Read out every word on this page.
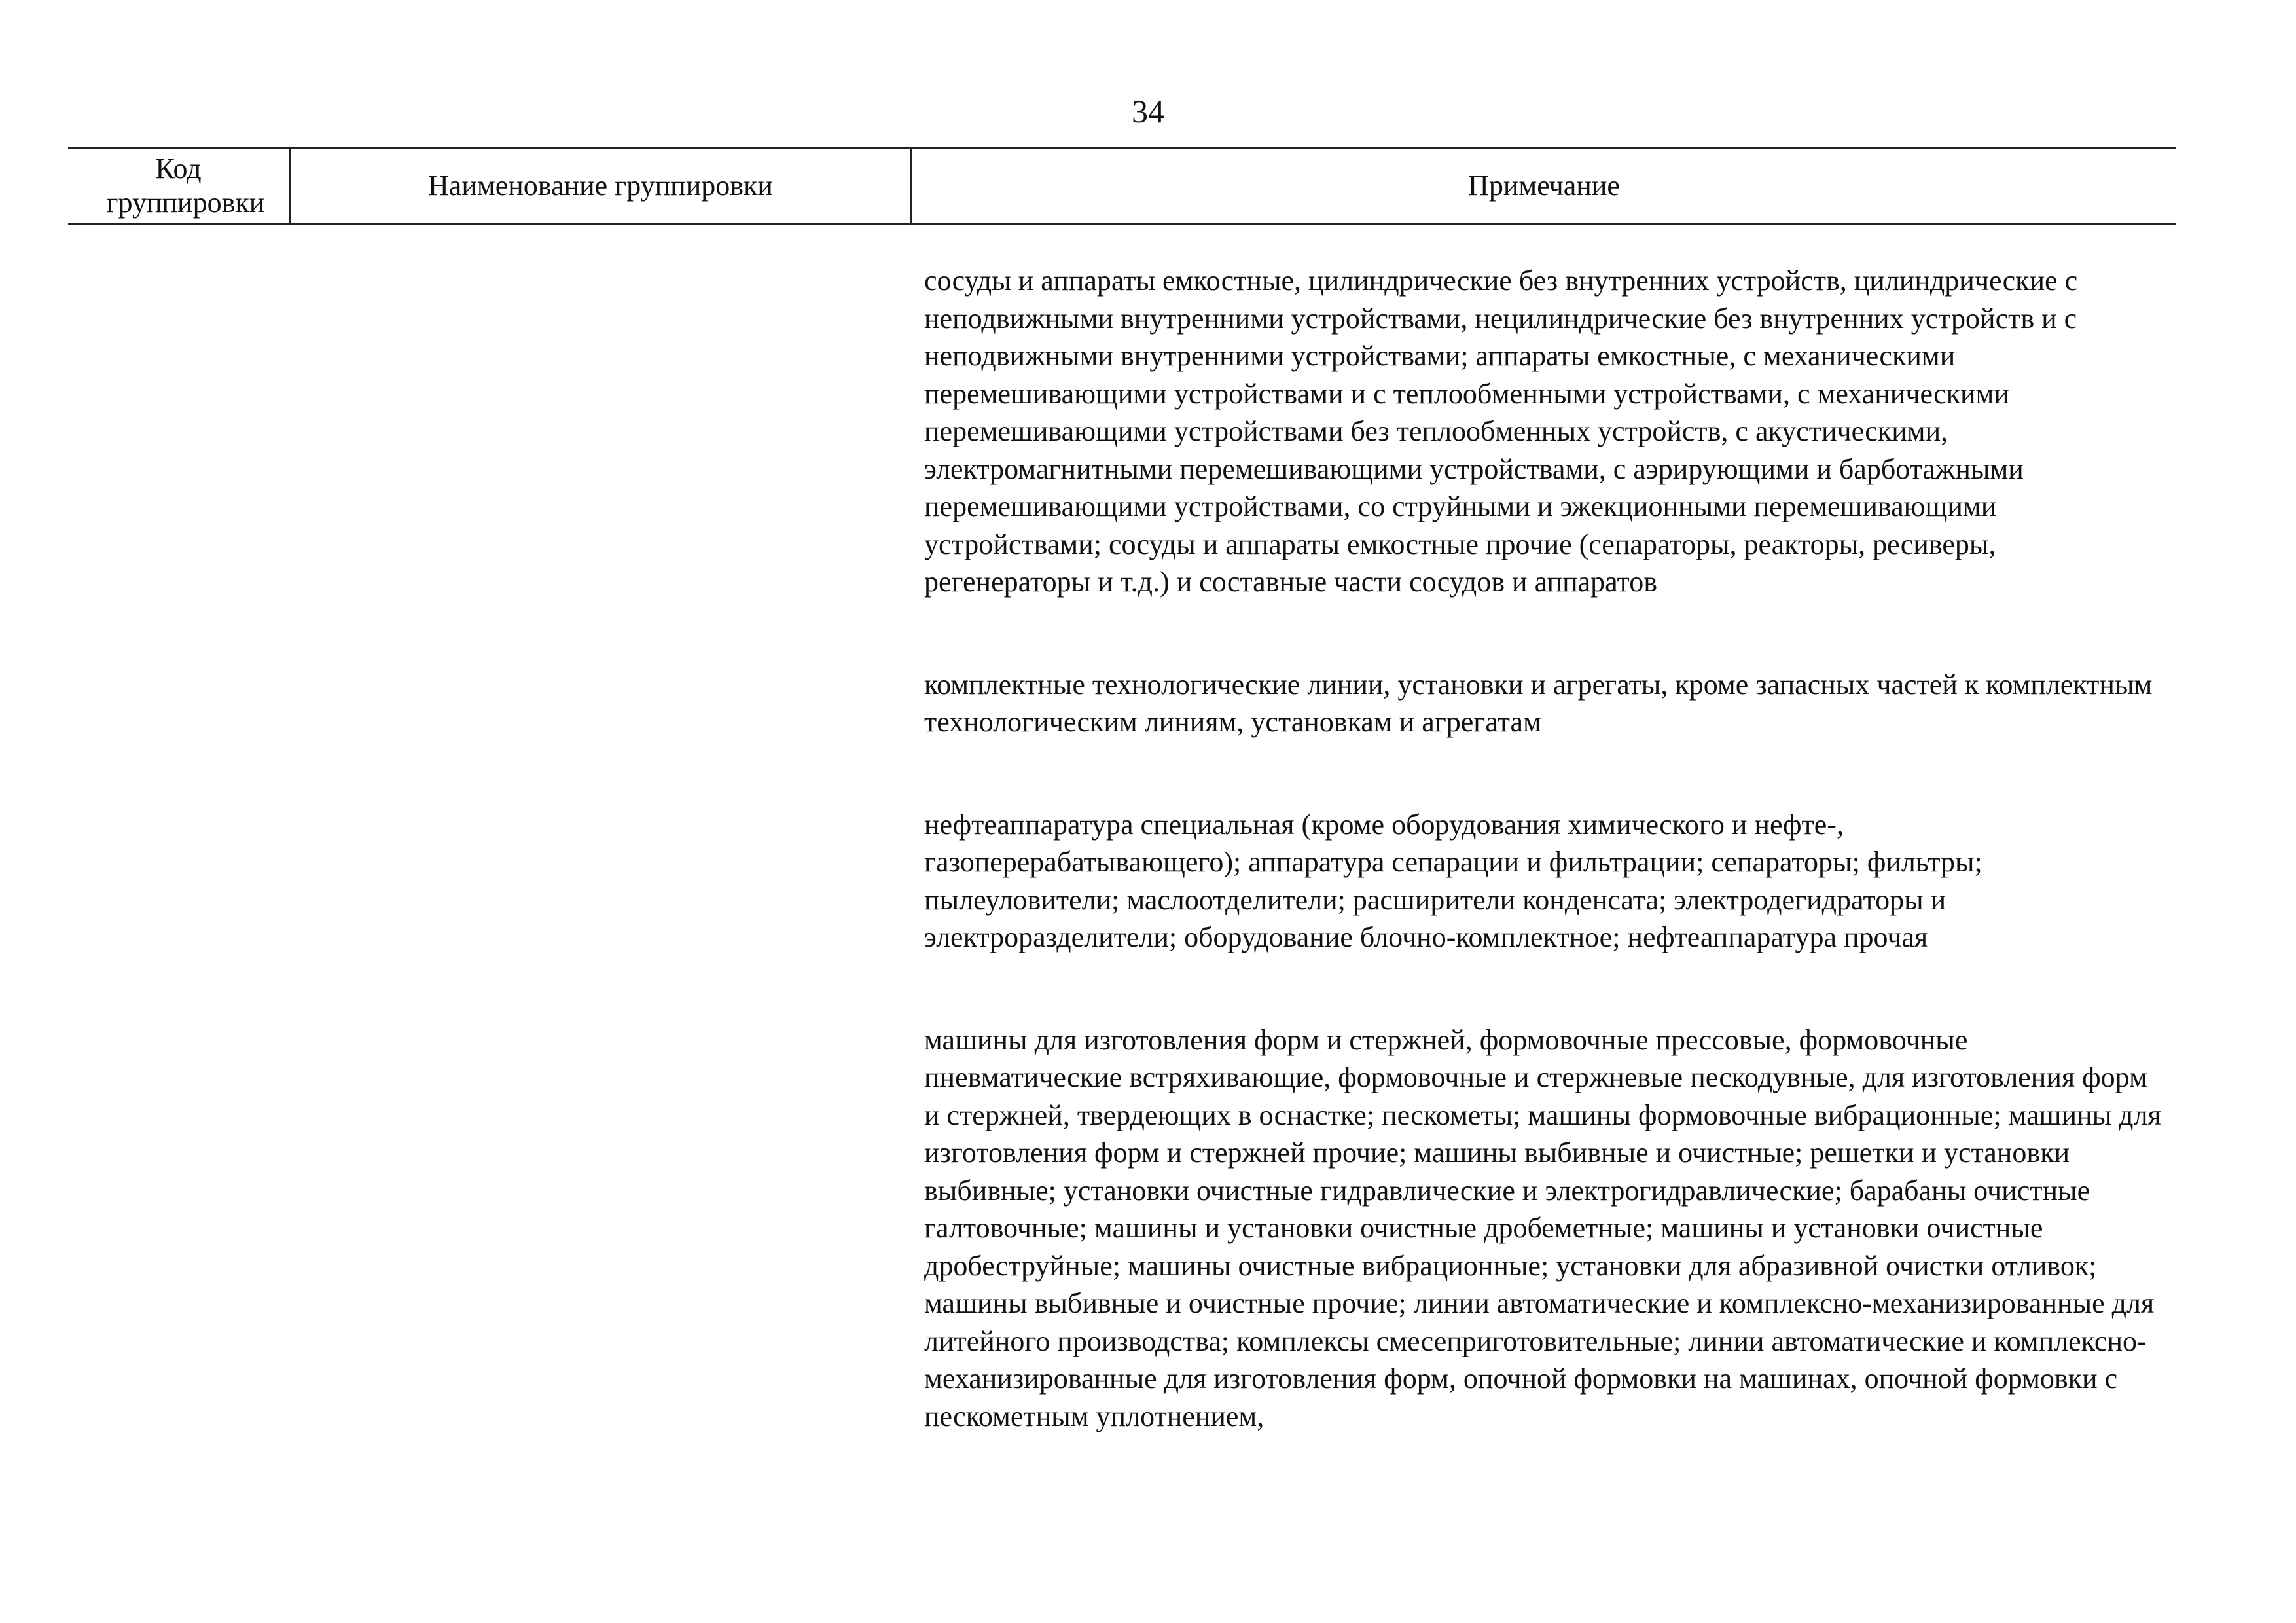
34
Код группировки
Наименование группировки	Примечание

сосуды и аппараты емкостные, цилиндрические без внутренних устройств, цилиндрические с неподвижными внутренними устройствами, нецилиндрические без внутренних устройств и с неподвижными внутренними устройствами; аппараты емкостные, с механическими перемешивающими устройствами и с теплообменными устройствами, с механическими перемешивающими устройствами без теплообменных устройств, с акустическими, электромагнитными перемешивающими устройствами, с аэрирующими и барботажными перемешивающими устройствами, со струйными и эжекционными перемешивающими устройствами; сосуды и аппараты емкостные прочие (сепараторы, реакторы, ресиверы, регенераторы и т.д.) и составные части сосудов и аппаратов

комплектные технологические линии, установки и агрегаты, кроме запасных частей к комплектным технологическим линиям, установкам и агрегатам

нефтеаппаратура специальная (кроме оборудования химического и нефте-, газоперерабатывающего); аппаратура сепарации и фильтрации; сепараторы; фильтры; пылеуловители; маслоотделители; расширители конденсата; электродегидраторы и электроразделители; оборудование блочно-комплектное; нефтеаппаратура прочая

машины для изготовления форм и стержней, формовочные прессовые, формовочные пневматические встряхивающие, формовочные и стержневые пескодувные, для изготовления форм и стержней, твердеющих в оснастке; пескометы; машины формовочные вибрационные; машины для изготовления форм и стержней прочие; машины выбивные и очистные; решетки и установки выбивные; установки очистные гидравлические и электрогидравлические; барабаны очистные галтовочные; машины и установки очистные дробеметные; машины и установки очистные дробеструйные; машины очистные вибрационные; установки для абразивной очистки отливок; машины выбивные и очистные прочие; линии автоматические и комплексно-механизированные для литейного производства; комплексы смесеприготовительные; линии автоматические и комплексно-механизированные для изготовления форм, опочной формовки на машинах, опочной формовки с пескометным уплотнением,
